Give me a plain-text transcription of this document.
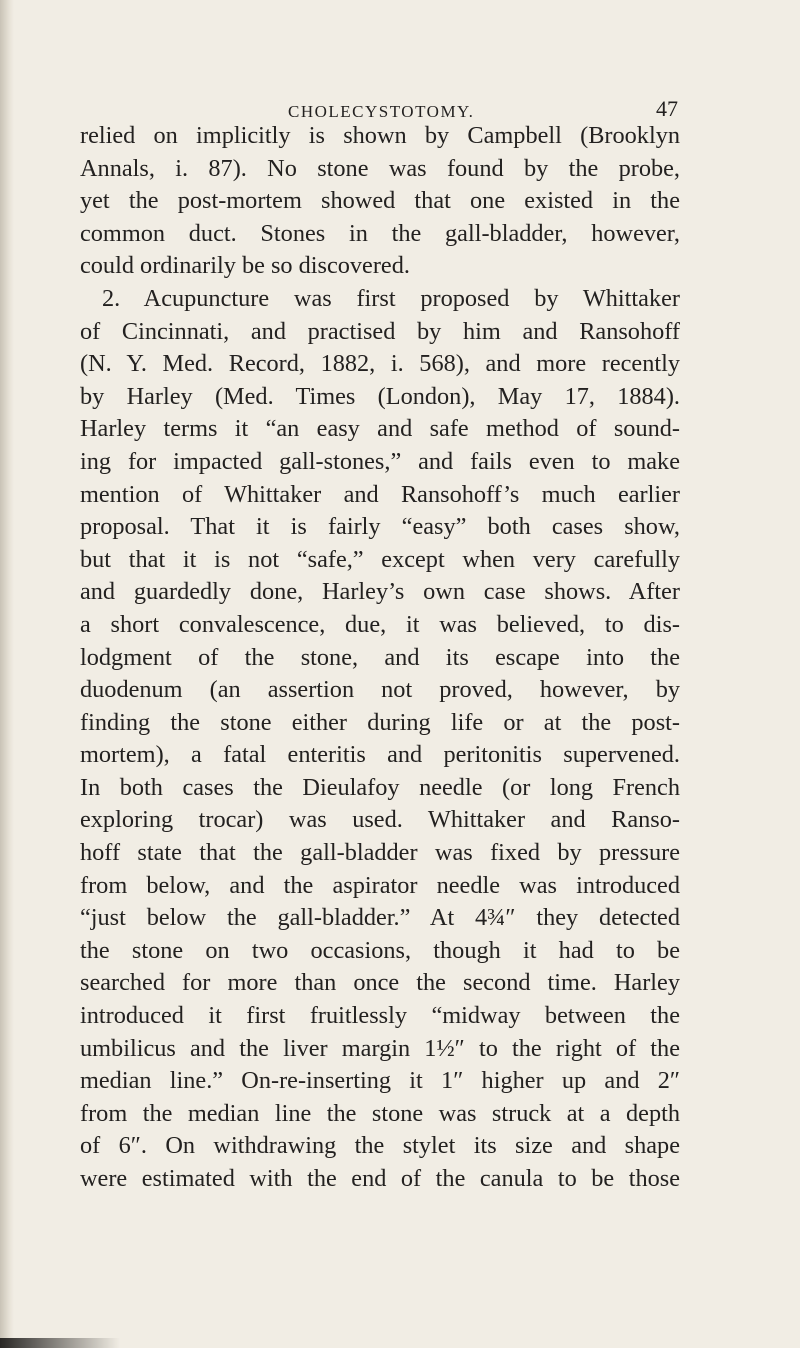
CHOLECYSTOTOMY.	47
relied on implicitly is shown by Campbell (Brooklyn
Annals, i. 87). No stone was found by the probe,
yet the post-mortem showed that one existed in the
common duct. Stones in the gall-bladder, however,
could ordinarily be so discovered.
2. Acupuncture was first proposed by Whittaker
of Cincinnati, and practised by him and Ransohoff
(N. Y. Med. Record, 1882, i. 568), and more recently
by Harley (Med. Times (London), May 17, 1884).
Harley terms it “an easy and safe method of sound-
ing for impacted gall-stones,” and fails even to make
mention of Whittaker and Ransohoff’s much earlier
proposal. That it is fairly “easy” both cases show,
but that it is not “safe,” except when very carefully
and guardedly done, Harley’s own case shows. After
a short convalescence, due, it was believed, to dis-
lodgment of the stone, and its escape into the
duodenum (an assertion not proved, however, by
finding the stone either during life or at the post-
mortem), a fatal enteritis and peritonitis supervened.
In both cases the Dieulafoy needle (or long French
exploring trocar) was used. Whittaker and Ranso-
hoff state that the gall-bladder was fixed by pressure
from below, and the aspirator needle was introduced
“just below the gall-bladder.” At 4¾″ they detected
the stone on two occasions, though it had to be
searched for more than once the second time. Harley
introduced it first fruitlessly “midway between the
umbilicus and the liver margin 1½″ to the right of the
median line.” On-re-inserting it 1″ higher up and 2″
from the median line the stone was struck at a depth
of 6″. On withdrawing the stylet its size and shape
were estimated with the end of the canula to be those
